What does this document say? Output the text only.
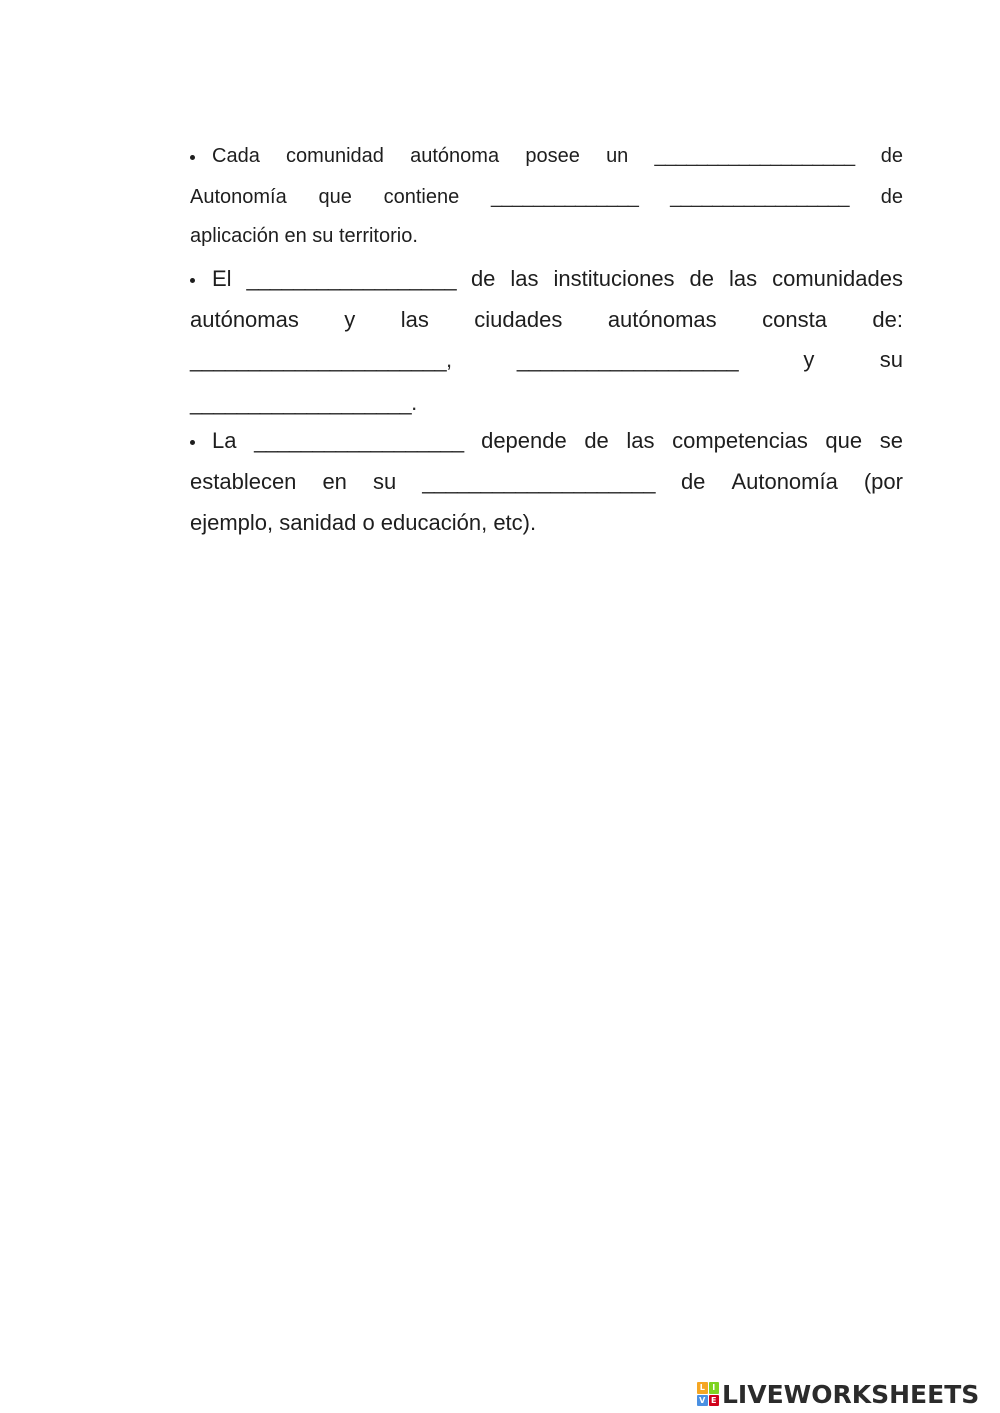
Cada comunidad autónoma posee un ___________________ de
Autonomía que contiene ______________ _________________ de
aplicación en su territorio.
El __________________ de las instituciones de las comunidades
autónomas y las ciudades autónomas consta de:
______________________,	___________________	y	su
___________________.
La __________________ depende de las competencias que se
establecen en su ____________________ de Autonomía (por
ejemplo, sanidad o educación, etc).
L I
V E LIVEWORKSHEETS
